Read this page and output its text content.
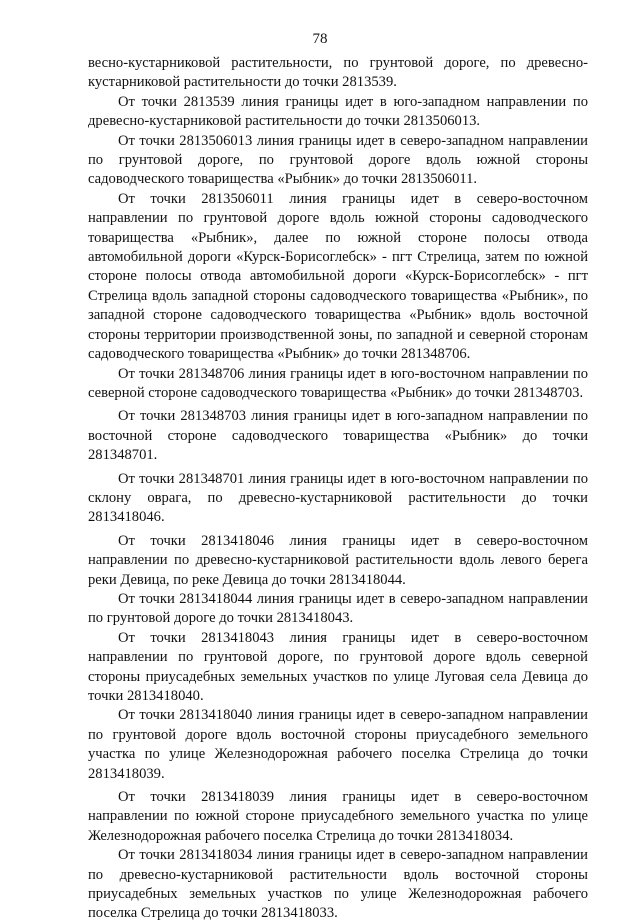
78

весно-кустарниковой растительности, по грунтовой дороге, по древесно-кустарниковой растительности до точки 2813539.

От точки 2813539 линия границы идет в юго-западном направлении по древесно-кустарниковой растительности до точки 2813506013.

От точки 2813506013 линия границы идет в северо-западном направлении по грунтовой дороге, по грунтовой дороге вдоль южной стороны садоводческого товарищества «Рыбник» до точки 2813506011.

От точки 2813506011 линия границы идет в северо-восточном направлении по грунтовой дороге вдоль южной стороны садоводческого товарищества «Рыбник», далее по южной стороне полосы отвода автомобильной дороги «Курск-Борисоглебск» - пгт Стрелица, затем по южной стороне полосы отвода автомобильной дороги «Курск-Борисоглебск» - пгт Стрелица вдоль западной стороны садоводческого товарищества «Рыбник», по западной стороне садоводческого товарищества «Рыбник» вдоль восточной стороны территории производственной зоны, по западной и северной сторонам садоводческого товарищества «Рыбник» до точки 281348706.

От точки 281348706 линия границы идет в юго-восточном направлении по северной стороне садоводческого товарищества «Рыбник» до точки 281348703.

От точки 281348703 линия границы идет в юго-западном направлении по восточной стороне садоводческого товарищества «Рыбник» до точки 281348701.

От точки 281348701 линия границы идет в юго-восточном направлении по склону оврага, по древесно-кустарниковой растительности до точки 2813418046.

От точки 2813418046 линия границы идет в северо-восточном направлении по древесно-кустарниковой растительности вдоль левого берега реки Девица, по реке Девица до точки 2813418044.

От точки 2813418044 линия границы идет в северо-западном направлении по грунтовой дороге до точки 2813418043.

От точки 2813418043 линия границы идет в северо-восточном направлении по грунтовой дороге, по грунтовой дороге вдоль северной стороны приусадебных земельных участков по улице Луговая села Девица до точки 2813418040.

От точки 2813418040 линия границы идет в северо-западном направлении по грунтовой дороге вдоль восточной стороны приусадебного земельного участка по улице Железнодорожная рабочего поселка Стрелица до точки 2813418039.

От точки 2813418039 линия границы идет в северо-восточном направлении по южной стороне приусадебного земельного участка по улице Железнодорожная рабочего поселка Стрелица до точки 2813418034.

От точки 2813418034 линия границы идет в северо-западном направлении по древесно-кустарниковой растительности вдоль восточной стороны приусадебных земельных участков по улице Железнодорожная рабочего поселка Стрелица до точки 2813418033.
